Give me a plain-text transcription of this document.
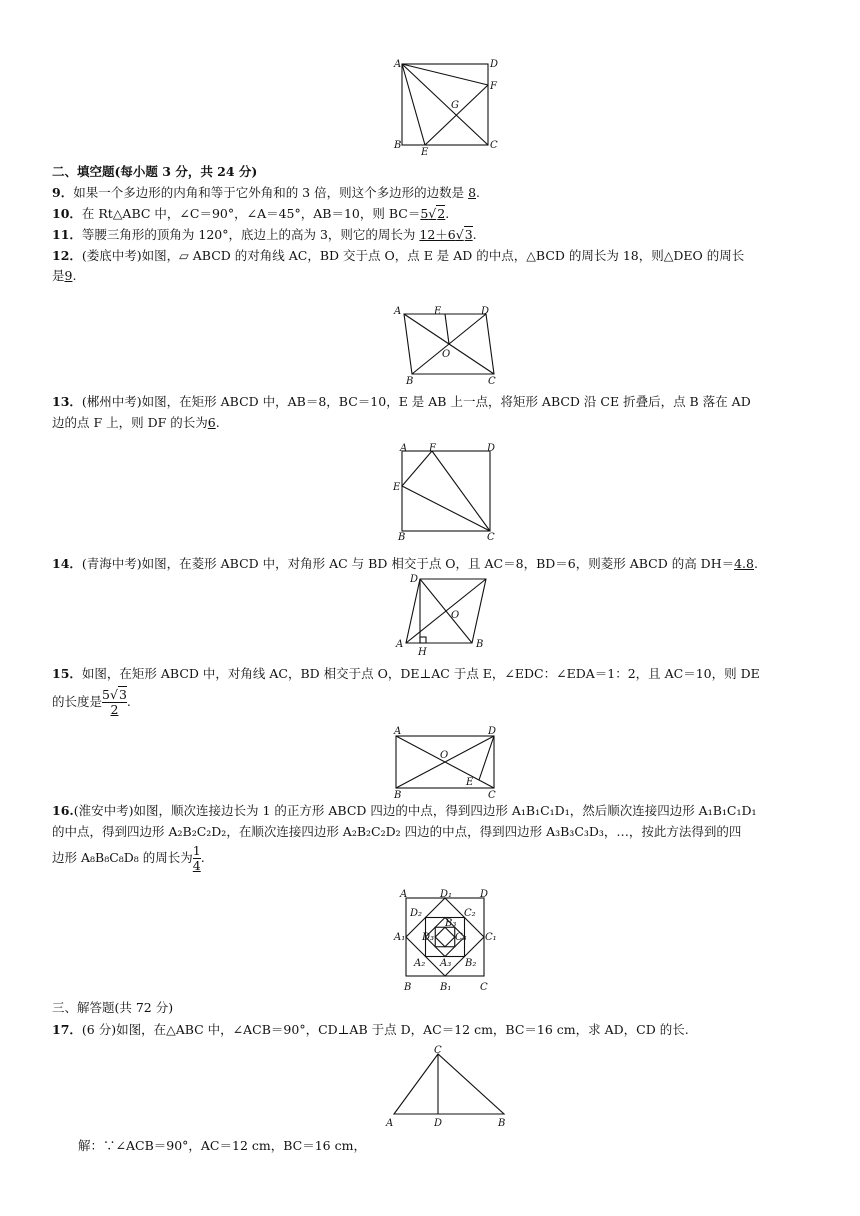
A	D
F
G
B
E
C
二、填空题(每小题 3 分，共 24 分)
9．如果一个多边形的内角和等于它外角和的 3 倍，则这个多边形的边数是 8.
10．在 Rt△ABC 中，∠C＝90°，∠A＝45°，AB＝10，则 BC＝5√2.
11．等腰三角形的顶角为 120°，底边上的高为 3，则它的周长为 12＋6√3.
12．(娄底中考)如图，▱ ABCD 的对角线 AC，BD 交于点 O，点 E 是 AD 的中点，△BCD 的周长为 18，则△DEO 的周长
是9.
A	E	D
O
B	C
13．(郴州中考)如图，在矩形 ABCD 中，AB＝8，BC＝10，E 是 AB 上一点，将矩形 ABCD 沿 CE 折叠后，点 B 落在 AD
边的点 F 上，则 DF 的长为6.
A F	D
E
B	C
14．(青海中考)如图，在菱形 ABCD 中，对角形 AC 与 BD 相交于点 O，且 AC＝8，BD＝6，则菱形 ABCD 的高 DH＝4.8.
D
O
A
H
B
15．如图，在矩形 ABCD 中，对角线 AC，BD 相交于点 O，DE⊥AC 于点 E，∠EDC：∠EDA＝1：2，且 AC＝10，则 DE
的长度是 $\frac{5√3}{2}$ .
A	D
O
E
B	C
16.(淮安中考)如图，顺次连接边长为 1 的正方形 ABCD 四边的中点，得到四边形 A₁B₁C₁D₁，然后顺次连接四边形 A₁B₁C₁D₁
的中点，得到四边形 A₂B₂C₂D₂，在顺次连接四边形 A₂B₂C₂D₂ 四边的中点，得到四边形 A₃B₃C₃D₃，…，按此方法得到的四
边形 A₈B₈C₈D₈ 的周长为 $\frac{1}{4}$ .
A	D₁	D
D₂	C₂
A₁ D₃ C₃ C₁
B₃
A₂ A₃ B₂
B	B₁	C
三、解答题(共 72 分)
17．(6 分)如图，在△ABC 中，∠ACB＝90°，CD⊥AB 于点 D，AC＝12 cm，BC＝16 cm，求 AD，CD 的长.
C
A	D	B
解：∵∠ACB＝90°，AC＝12 cm，BC＝16 cm，
